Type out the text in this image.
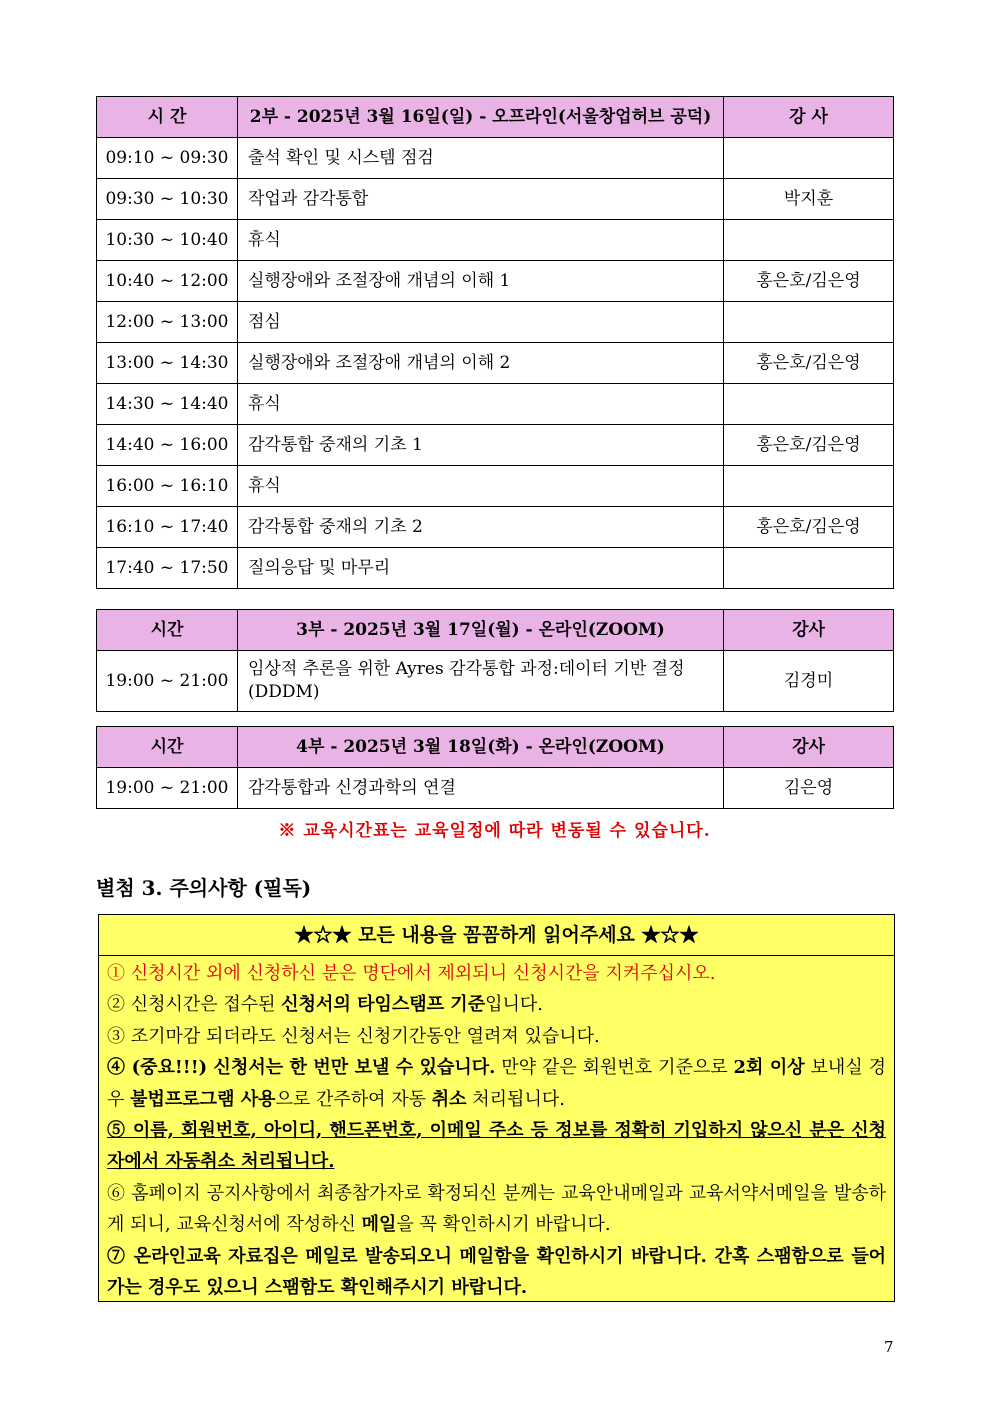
시 간	2부 - 2025년 3월 16일(일) - 오프라인(서울창업허브 공덕)	강 사
09:10 ~ 09:30	출석 확인 및 시스템 점검	
09:30 ~ 10:30	작업과 감각통합	박지훈
10:30 ~ 10:40	휴식	
10:40 ~ 12:00	실행장애와 조절장애 개념의 이해 1	홍은호/김은영
12:00 ~ 13:00	점심	
13:00 ~ 14:30	실행장애와 조절장애 개념의 이해 2	홍은호/김은영
14:30 ~ 14:40	휴식	
14:40 ~ 16:00	감각통합 중재의 기초 1	홍은호/김은영
16:00 ~ 16:10	휴식	
16:10 ~ 17:40	감각통합 중재의 기초 2	홍은호/김은영
17:40 ~ 17:50	질의응답 및 마무리	
시간	3부 - 2025년 3월 17일(월) - 온라인(ZOOM)	강사
19:00 ~ 21:00	임상적 추론을 위한 Ayres 감각통합 과정:데이터 기반 결정(DDDM)	김경미
시간	4부 - 2025년 3월 18일(화) - 온라인(ZOOM)	강사
19:00 ~ 21:00	감각통합과 신경과학의 연결	김은영
※ 교육시간표는 교육일정에 따라 변동될 수 있습니다.
별첨 3. 주의사항 (필독)
★☆★ 모든 내용을 꼼꼼하게 읽어주세요 ★☆★

① 신청시간 외에 신청하신 분은 명단에서 제외되니 신청시간을 지켜주십시오.

② 신청시간은 접수된 신청서의 타임스탬프 기준입니다.

③ 조기마감 되더라도 신청서는 신청기간동안 열려져 있습니다.

④ (중요!!!) 신청서는 한 번만 보낼 수 있습니다. 만약 같은 회원번호 기준으로 2회 이상 보내실 경우 불법프로그램 사용으로 간주하여 자동 취소 처리됩니다.

⑤ 이름, 회원번호, 아이디, 핸드폰번호, 이메일 주소 등 정보를 정확히 기입하지 않으신 분은 신청자에서 자동취소 처리됩니다.

⑥ 홈페이지 공지사항에서 최종참가자로 확정되신 분께는 교육안내메일과 교육서약서메일을 발송하게 되니, 교육신청서에 작성하신 메일을 꼭 확인하시기 바랍니다.

⑦ 온라인교육 자료집은 메일로 발송되오니 메일함을 확인하시기 바랍니다. 간혹 스팸함으로 들어가는 경우도 있으니 스팸함도 확인해주시기 바랍니다.

7
